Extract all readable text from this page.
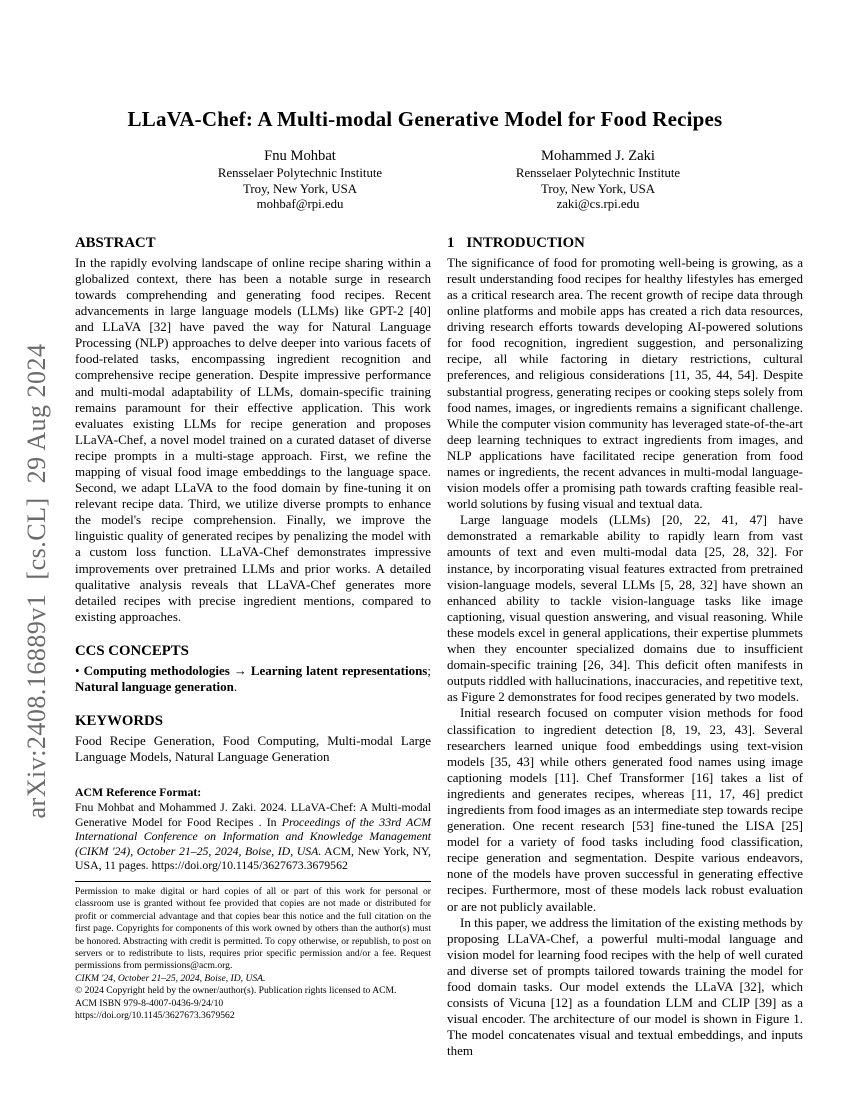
arXiv:2408.16889v1  [cs.CL]  29 Aug 2024
LLaVA-Chef: A Multi-modal Generative Model for Food Recipes
Fnu Mohbat
Rensselaer Polytechnic Institute
Troy, New York, USA
mohbaf@rpi.edu
Mohammed J. Zaki
Rensselaer Polytechnic Institute
Troy, New York, USA
zaki@cs.rpi.edu
ABSTRACT

In the rapidly evolving landscape of online recipe sharing within a globalized context, there has been a notable surge in research towards comprehending and generating food recipes. Recent advancements in large language models (LLMs) like GPT-2 [40] and LLaVA [32] have paved the way for Natural Language Processing (NLP) approaches to delve deeper into various facets of food-related tasks, encompassing ingredient recognition and comprehensive recipe generation. Despite impressive performance and multi-modal adaptability of LLMs, domain-specific training remains paramount for their effective application. This work evaluates existing LLMs for recipe generation and proposes LLaVA-Chef, a novel model trained on a curated dataset of diverse recipe prompts in a multi-stage approach. First, we refine the mapping of visual food image embeddings to the language space. Second, we adapt LLaVA to the food domain by fine-tuning it on relevant recipe data. Third, we utilize diverse prompts to enhance the model's recipe comprehension. Finally, we improve the linguistic quality of generated recipes by penalizing the model with a custom loss function. LLaVA-Chef demonstrates impressive improvements over pretrained LLMs and prior works. A detailed qualitative analysis reveals that LLaVA-Chef generates more detailed recipes with precise ingredient mentions, compared to existing approaches.

CCS CONCEPTS

• Computing methodologies → Learning latent representations; Natural language generation.

KEYWORDS

Food Recipe Generation, Food Computing, Multi-modal Large Language Models, Natural Language Generation

ACM Reference Format:

Fnu Mohbat and Mohammed J. Zaki. 2024. LLaVA-Chef: A Multi-modal Generative Model for Food Recipes . In Proceedings of the 33rd ACM International Conference on Information and Knowledge Management (CIKM '24), October 21–25, 2024, Boise, ID, USA. ACM, New York, NY, USA, 11 pages. https://doi.org/10.1145/3627673.3679562

Permission to make digital or hard copies of all or part of this work for personal or classroom use is granted without fee provided that copies are not made or distributed for profit or commercial advantage and that copies bear this notice and the full citation on the first page. Copyrights for components of this work owned by others than the author(s) must be honored. Abstracting with credit is permitted. To copy otherwise, or republish, to post on servers or to redistribute to lists, requires prior specific permission and/or a fee. Request permissions from permissions@acm.org.

CIKM '24, October 21–25, 2024, Boise, ID, USA.

© 2024 Copyright held by the owner/author(s). Publication rights licensed to ACM.

ACM ISBN 979-8-4007-0436-9/24/10

https://doi.org/10.1145/3627673.3679562

1 INTRODUCTION

The significance of food for promoting well-being is growing, as a result understanding food recipes for healthy lifestyles has emerged as a critical research area. The recent growth of recipe data through online platforms and mobile apps has created a rich data resources, driving research efforts towards developing AI-powered solutions for food recognition, ingredient suggestion, and personalizing recipe, all while factoring in dietary restrictions, cultural preferences, and religious considerations [11, 35, 44, 54]. Despite substantial progress, generating recipes or cooking steps solely from food names, images, or ingredients remains a significant challenge. While the computer vision community has leveraged state-of-the-art deep learning techniques to extract ingredients from images, and NLP applications have facilitated recipe generation from food names or ingredients, the recent advances in multi-modal language-vision models offer a promising path towards crafting feasible real-world solutions by fusing visual and textual data.

Large language models (LLMs) [20, 22, 41, 47] have demonstrated a remarkable ability to rapidly learn from vast amounts of text and even multi-modal data [25, 28, 32]. For instance, by incorporating visual features extracted from pretrained vision-language models, several LLMs [5, 28, 32] have shown an enhanced ability to tackle vision-language tasks like image captioning, visual question answering, and visual reasoning. While these models excel in general applications, their expertise plummets when they encounter specialized domains due to insufficient domain-specific training [26, 34]. This deficit often manifests in outputs riddled with hallucinations, inaccuracies, and repetitive text, as Figure 2 demonstrates for food recipes generated by two models.

Initial research focused on computer vision methods for food classification to ingredient detection [8, 19, 23, 43]. Several researchers learned unique food embeddings using text-vision models [35, 43] while others generated food names using image captioning models [11]. Chef Transformer [16] takes a list of ingredients and generates recipes, whereas [11, 17, 46] predict ingredients from food images as an intermediate step towards recipe generation. One recent research [53] fine-tuned the LISA [25] model for a variety of food tasks including food classification, recipe generation and segmentation. Despite various endeavors, none of the models have proven successful in generating effective recipes. Furthermore, most of these models lack robust evaluation or are not publicly available.

In this paper, we address the limitation of the existing methods by proposing LLaVA-Chef, a powerful multi-modal language and vision model for learning food recipes with the help of well curated and diverse set of prompts tailored towards training the model for food domain tasks. Our model extends the LLaVA [32], which consists of Vicuna [12] as a foundation LLM and CLIP [39] as a visual encoder. The architecture of our model is shown in Figure 1. The model concatenates visual and textual embeddings, and inputs them
